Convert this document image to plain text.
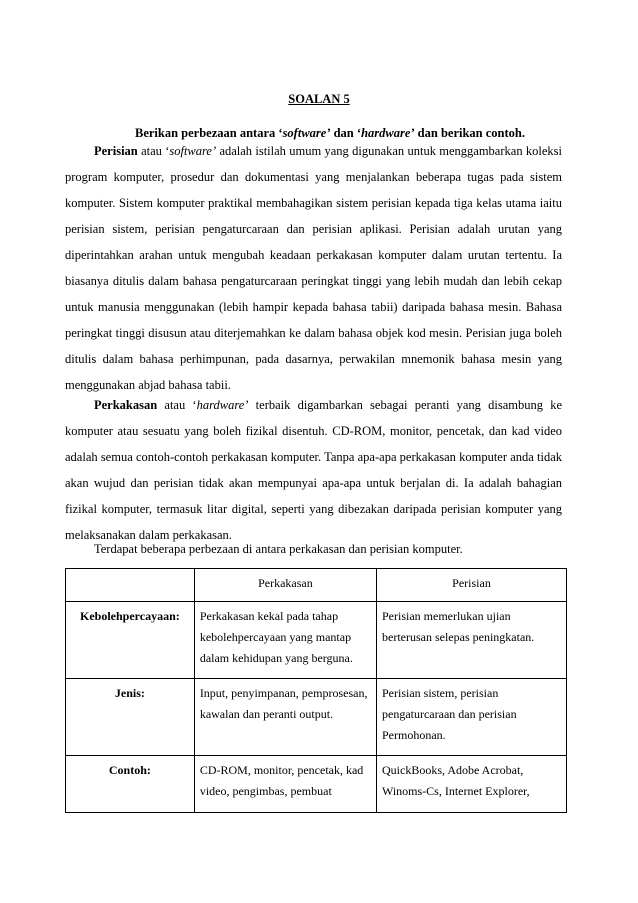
SOALAN 5

Berikan perbezaan antara ‘software’ dan ‘hardware’ dan berikan contoh.

Perisian atau ‘software’ adalah istilah umum yang digunakan untuk menggambarkan koleksi program komputer, prosedur dan dokumentasi yang menjalankan beberapa tugas pada sistem komputer. Sistem komputer praktikal membahagikan sistem perisian kepada tiga kelas utama iaitu perisian sistem, perisian pengaturcaraan dan perisian aplikasi. Perisian adalah urutan yang diperintahkan arahan untuk mengubah keadaan perkakasan komputer dalam urutan tertentu. Ia biasanya ditulis dalam bahasa pengaturcaraan peringkat tinggi yang lebih mudah dan lebih cekap untuk manusia menggunakan (lebih hampir kepada bahasa tabii) daripada bahasa mesin. Bahasa peringkat tinggi disusun atau diterjemahkan ke dalam bahasa objek kod mesin. Perisian juga boleh ditulis dalam bahasa perhimpunan, pada dasarnya, perwakilan mnemonik bahasa mesin yang menggunakan abjad bahasa tabii.

Perkakasan atau ‘hardware’ terbaik digambarkan sebagai peranti yang disambung ke komputer atau sesuatu yang boleh fizikal disentuh. CD-ROM, monitor, pencetak, dan kad video adalah semua contoh-contoh perkakasan komputer. Tanpa apa-apa perkakasan komputer anda tidak akan wujud dan perisian tidak akan mempunyai apa-apa untuk berjalan di. Ia adalah bahagian fizikal komputer, termasuk litar digital, seperti yang dibezakan daripada perisian komputer yang melaksanakan dalam perkakasan.

Terdapat beberapa perbezaan di antara perkakasan dan perisian komputer.

	Perkakasan	Perisian
Kebolehpercayaan:	Perkakasan kekal pada tahap kebolehpercayaan yang mantap dalam kehidupan yang berguna.	Perisian memerlukan ujian berterusan selepas peningkatan.
Jenis:	Input, penyimpanan, pemprosesan, kawalan dan peranti output.	Perisian sistem, perisian pengaturcaraan dan perisian Permohonan.
Contoh:	CD-ROM, monitor, pencetak, kad video, pengimbas, pembuat	QuickBooks, Adobe Acrobat, Winoms-Cs, Internet Explorer,
